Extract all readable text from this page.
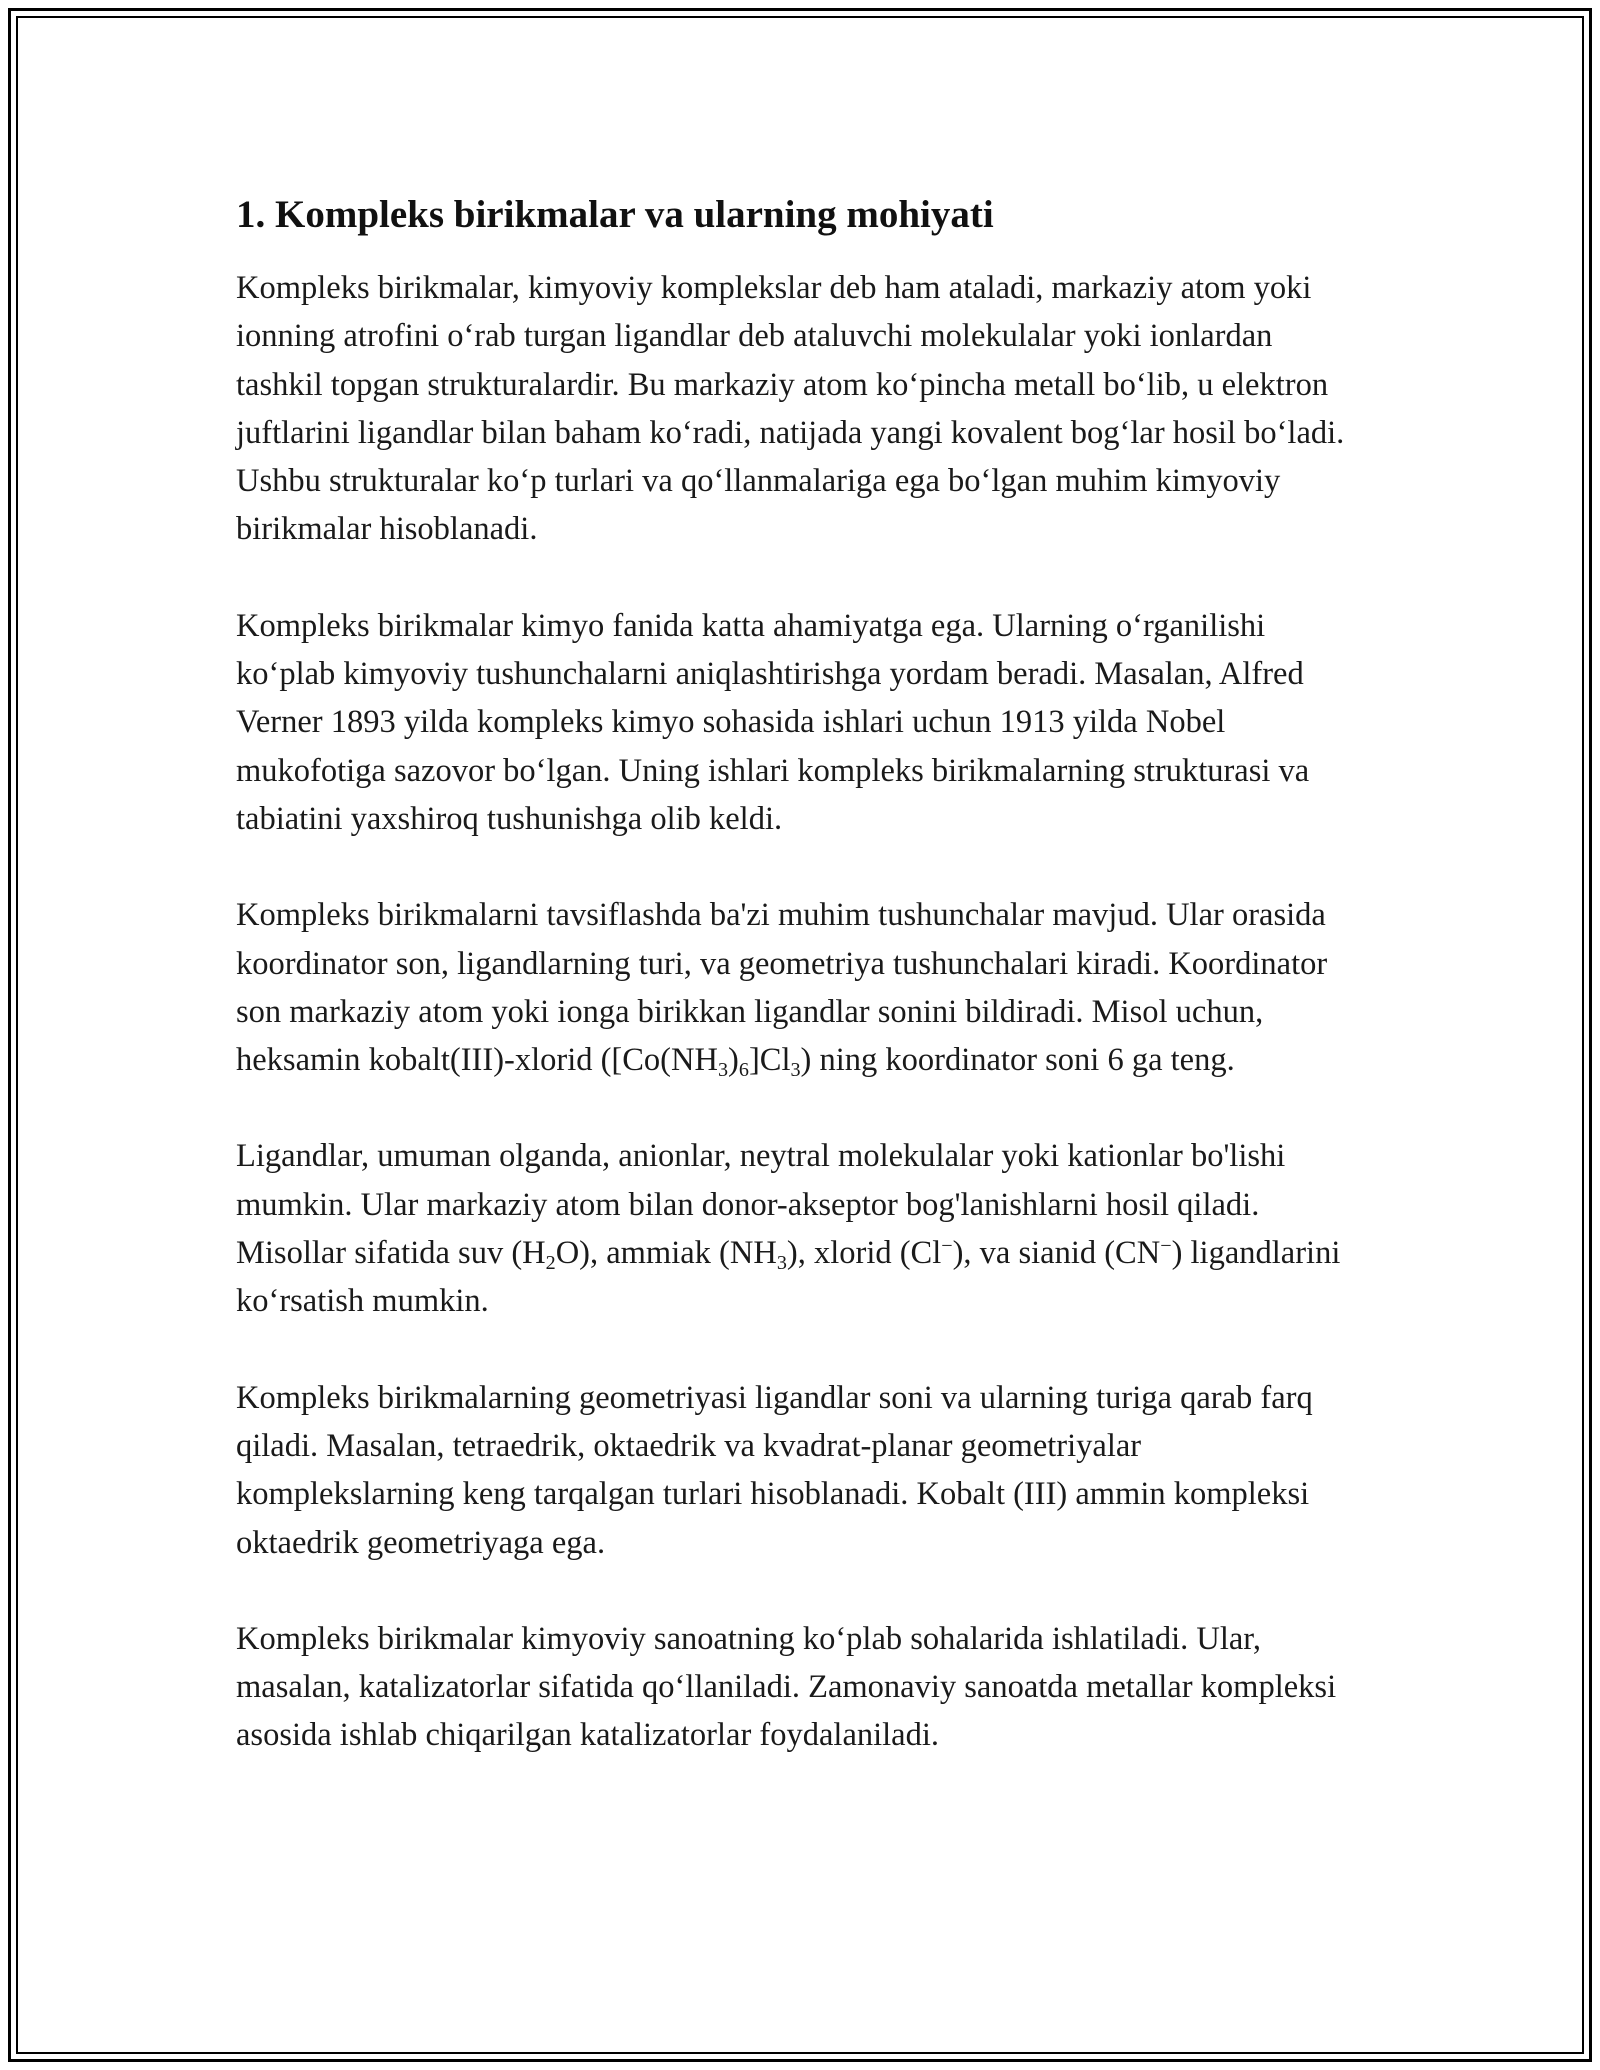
1. Kompleks birikmalar va ularning mohiyati

Kompleks birikmalar, kimyoviy komplekslar deb ham ataladi, markaziy atom yoki ionning atrofini o‘rab turgan ligandlar deb ataluvchi molekulalar yoki ionlardan tashkil topgan strukturalardir. Bu markaziy atom ko‘pincha metall bo‘lib, u elektron juftlarini ligandlar bilan baham ko‘radi, natijada yangi kovalent bog‘lar hosil bo‘ladi. Ushbu strukturalar ko‘p turlari va qo‘llanmalariga ega bo‘lgan muhim kimyoviy birikmalar hisoblanadi.

Kompleks birikmalar kimyo fanida katta ahamiyatga ega. Ularning o‘rganilishi ko‘plab kimyoviy tushunchalarni aniqlashtirishga yordam beradi. Masalan, Alfred Verner 1893 yilda kompleks kimyo sohasida ishlari uchun 1913 yilda Nobel mukofotiga sazovor bo‘lgan. Uning ishlari kompleks birikmalarning strukturasi va tabiatini yaxshiroq tushunishga olib keldi.

Kompleks birikmalarni tavsiflashda ba'zi muhim tushunchalar mavjud. Ular orasida koordinator son, ligandlarning turi, va geometriya tushunchalari kiradi. Koordinator son markaziy atom yoki ionga birikkan ligandlar sonini bildiradi. Misol uchun, heksamin kobalt(III)-xlorid $([Co(NH_3)_6]Cl_3)$ ning koordinator soni 6 ga teng.

Ligandlar, umuman olganda, anionlar, neytral molekulalar yoki kationlar bo'lishi mumkin. Ular markaziy atom bilan donor-akseptor bog'lanishlarni hosil qiladi. Misollar sifatida suv $(H_2O)$, ammiak $(NH_3)$, xlorid (Cl−), va sianid (CN−) ligandlarini ko‘rsatish mumkin.

Kompleks birikmalarning geometriyasi ligandlar soni va ularning turiga qarab farq qiladi. Masalan, tetraedrik, oktaedrik va kvadrat-planar geometriyalar komplekslarning keng tarqalgan turlari hisoblanadi. Kobalt (III) ammin kompleksi oktaedrik geometriyaga ega.

Kompleks birikmalar kimyoviy sanoatning ko‘plab sohalarida ishlatiladi. Ular, masalan, katalizatorlar sifatida qo‘llaniladi. Zamonaviy sanoatda metallar kompleksi asosida ishlab chiqarilgan katalizatorlar foydalaniladi.
